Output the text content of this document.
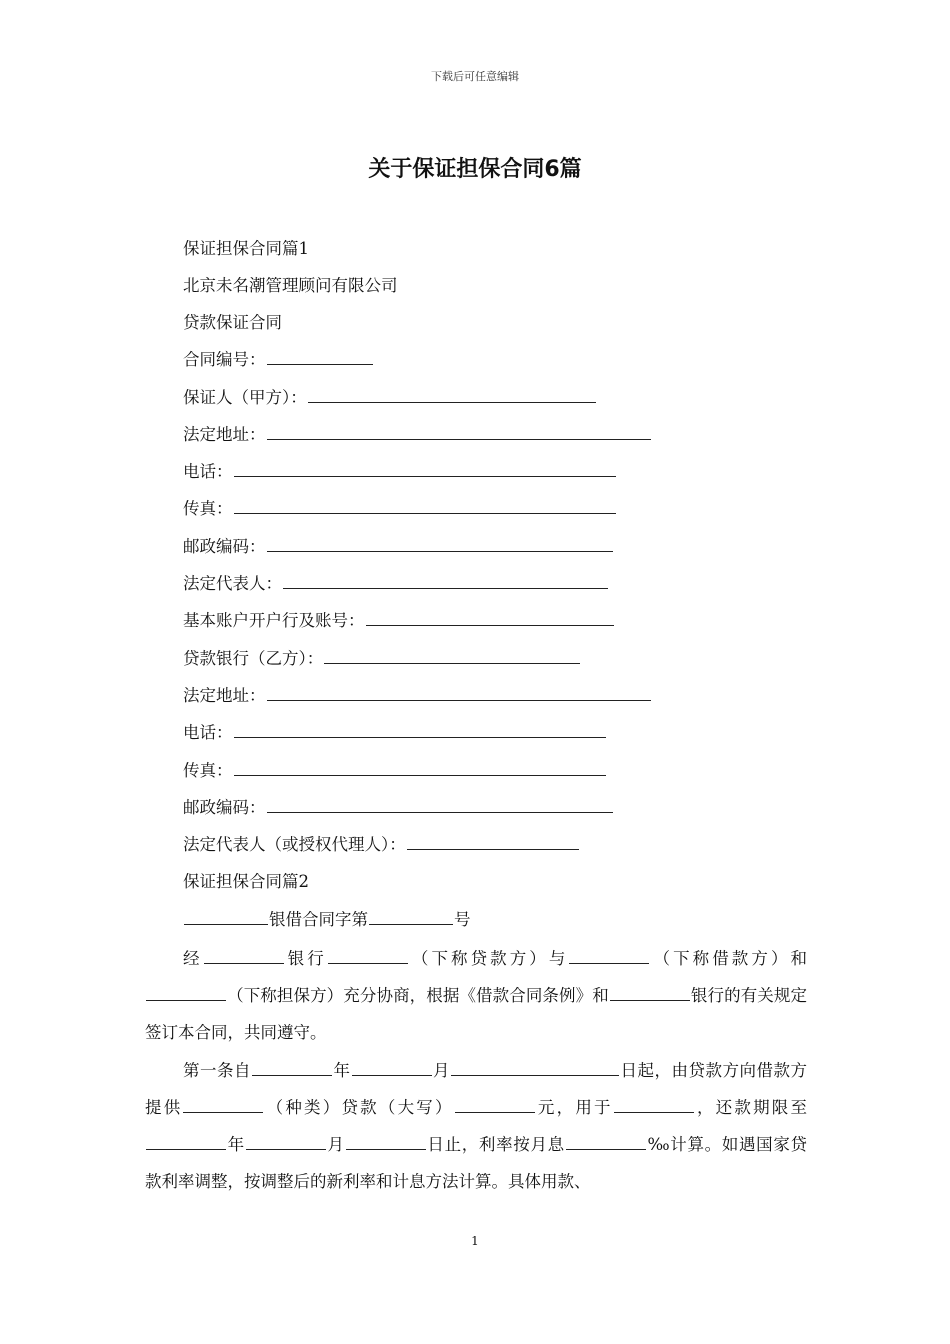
下载后可任意编辑
关于保证担保合同6篇
保证担保合同篇1
北京未名潮管理顾问有限公司
贷款保证合同
合同编号：
保证人（甲方）：
法定地址：
电话：
传真：
邮政编码：
法定代表人：
基本账户开户行及账号：
贷款银行（乙方）：
法定地址：
电话：
传真：
邮政编码：
法定代表人（或授权代理人）：
保证担保合同篇2
银借合同字第	号

经	银行	（下称贷款方）与	（下称借款方）和（下称担保方）充分协商，根据《借款合同条例》和	银行的有关规定签订本合同，共同遵守。

第一条自	年	月	日起，由贷款方向借款方提供	（种类）贷款（大写）	元，用于	，还款期限至年	月	日止，利率按月息	‰计算。如遇国家贷款利率调整，按调整后的新利率和计息方法计算。具体用款、

1
